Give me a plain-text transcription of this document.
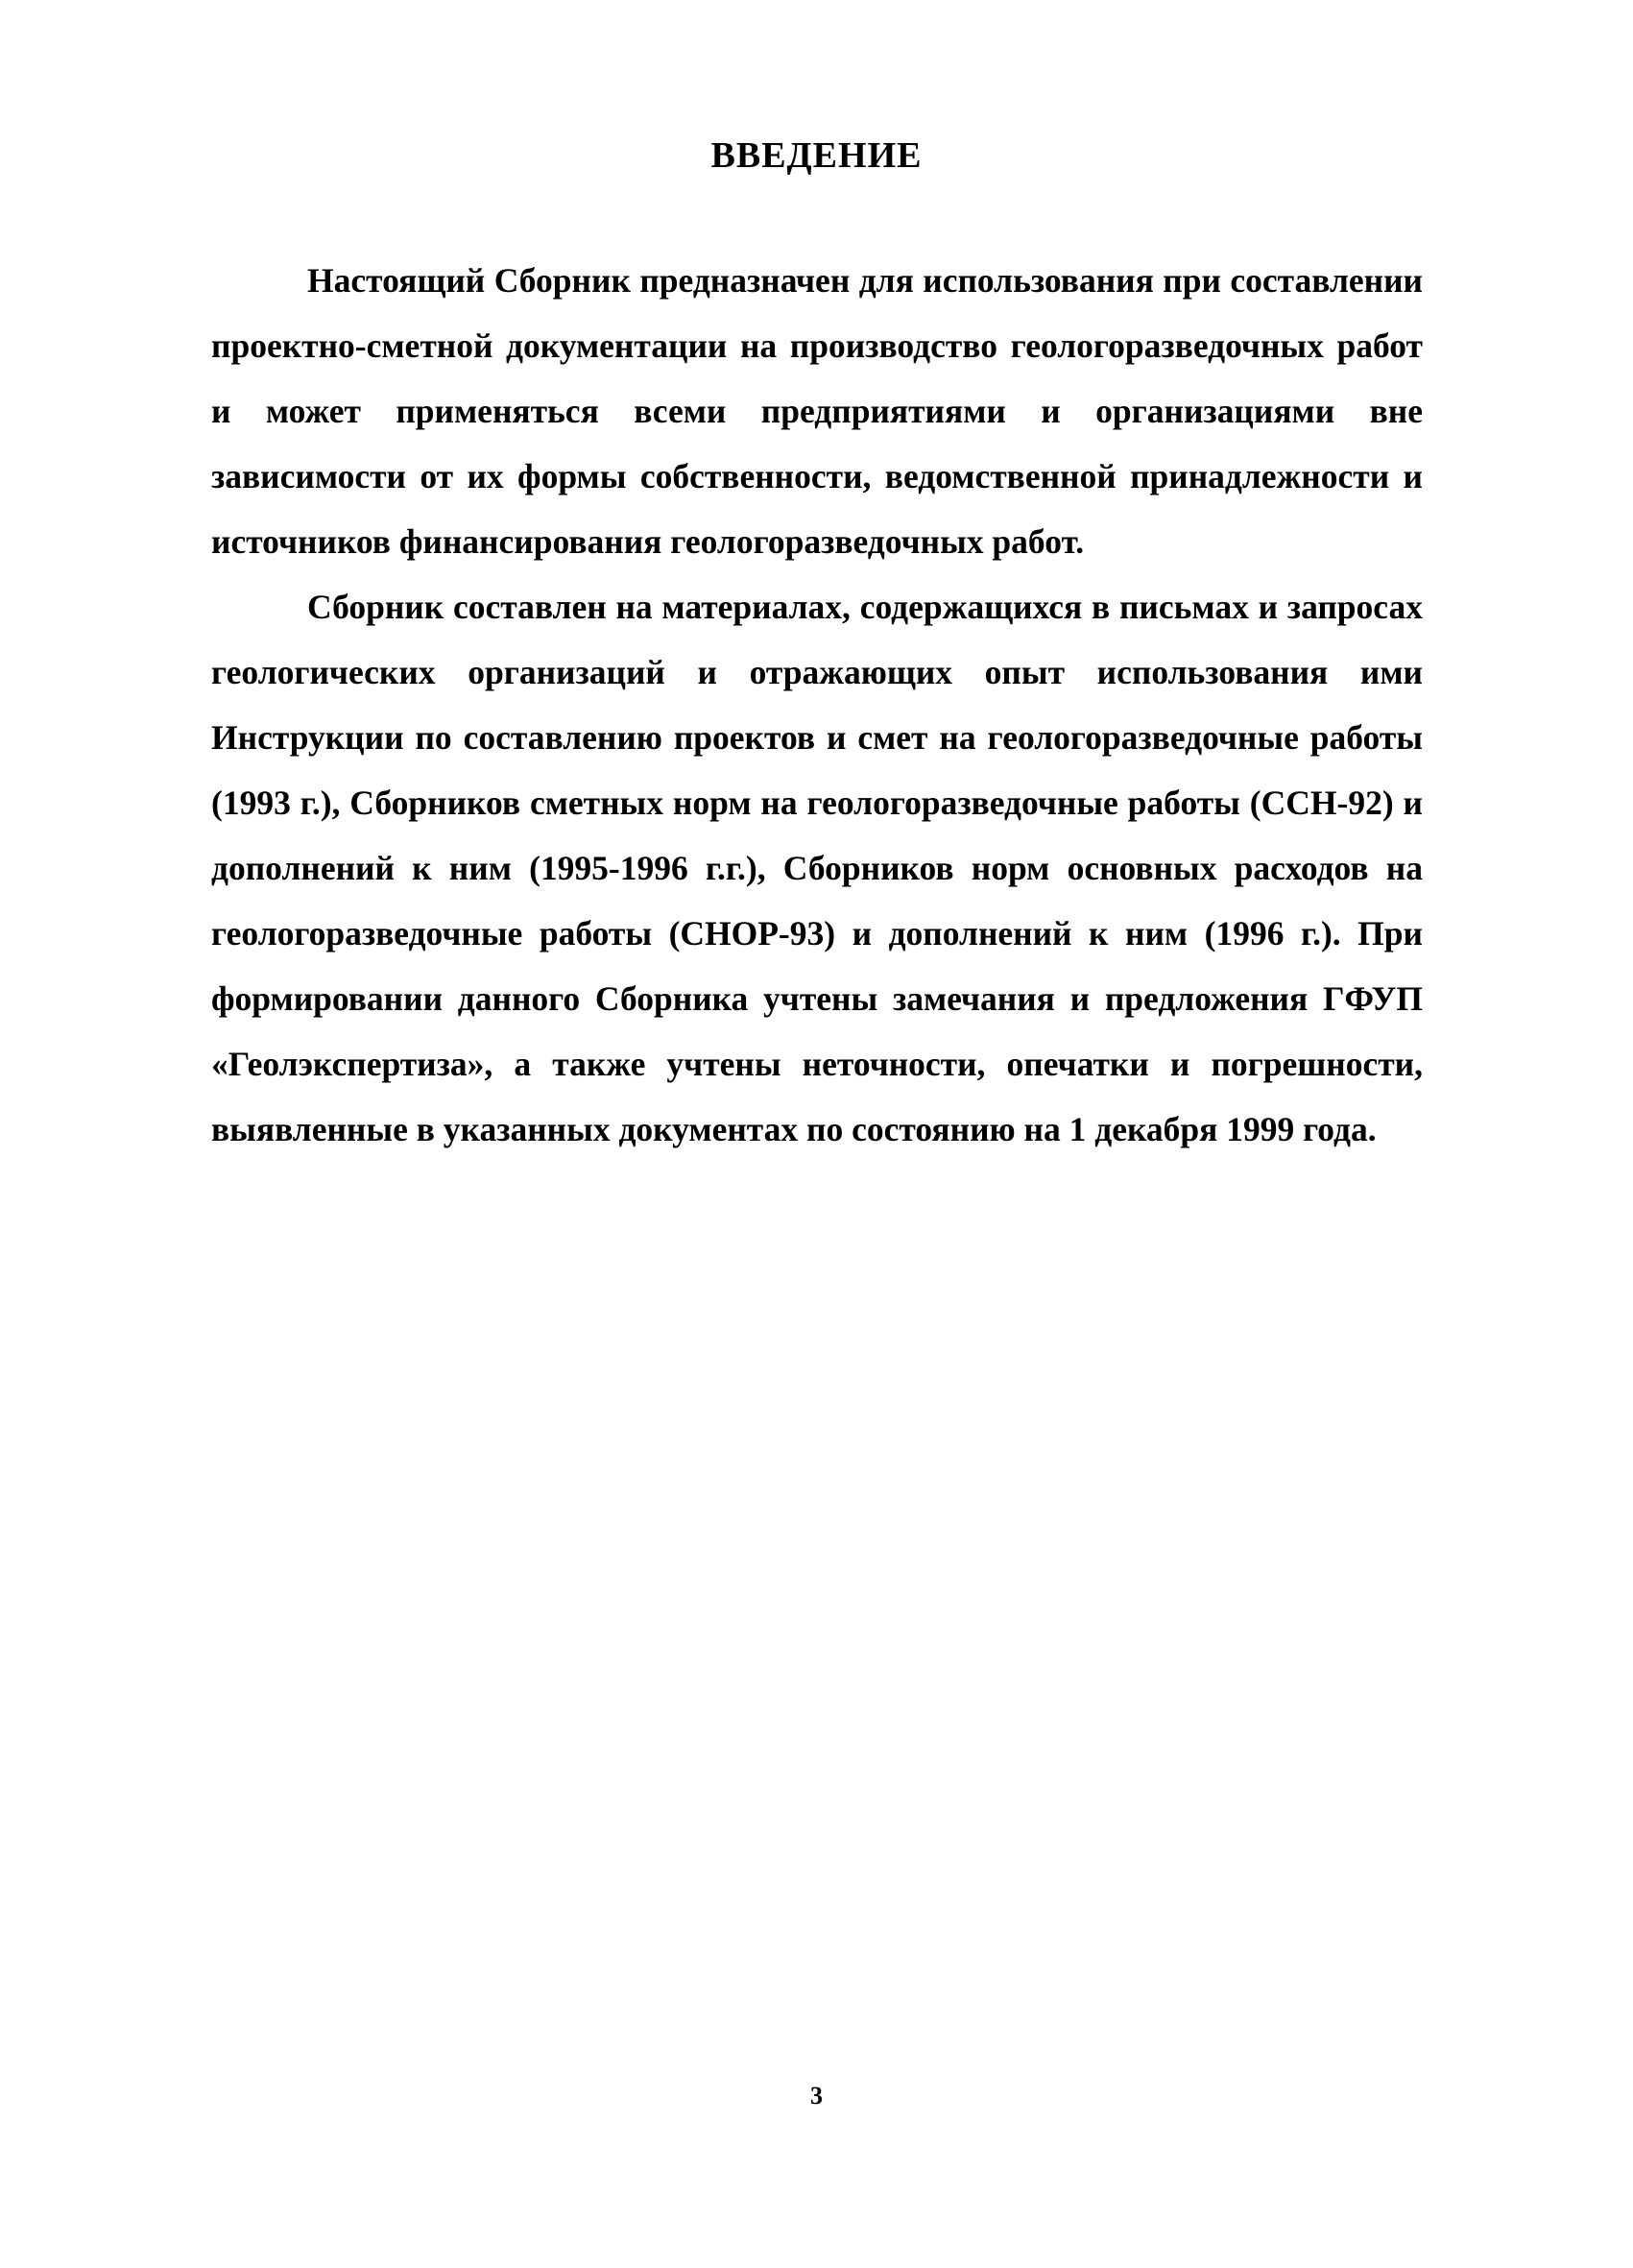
ВВЕДЕНИЕ

Настоящий Сборник предназначен для использования при составлении проектно-сметной документации на производство геологоразведочных работ и может применяться всеми предприятиями и организациями вне зависимости от их формы собственности, ведомственной принадлежности и источников финансирования геологоразведочных работ.

Сборник составлен на материалах, содержащихся в письмах и запросах геологических организаций и отражающих опыт использования ими Инструкции по составлению проектов и смет на геологоразведочные работы (1993 г.), Сборников сметных норм на геологоразведочные работы (ССН-92) и дополнений к ним (1995-1996 г.г.), Сборников норм основных расходов на геологоразведочные работы (СНОР-93) и дополнений к ним (1996 г.). При формировании данного Сборника учтены замечания и предложения ГФУП «Геолэкспертиза», а также учтены неточности, опечатки и погрешности, выявленные в указанных документах по состоянию на 1 декабря 1999 года.

3
